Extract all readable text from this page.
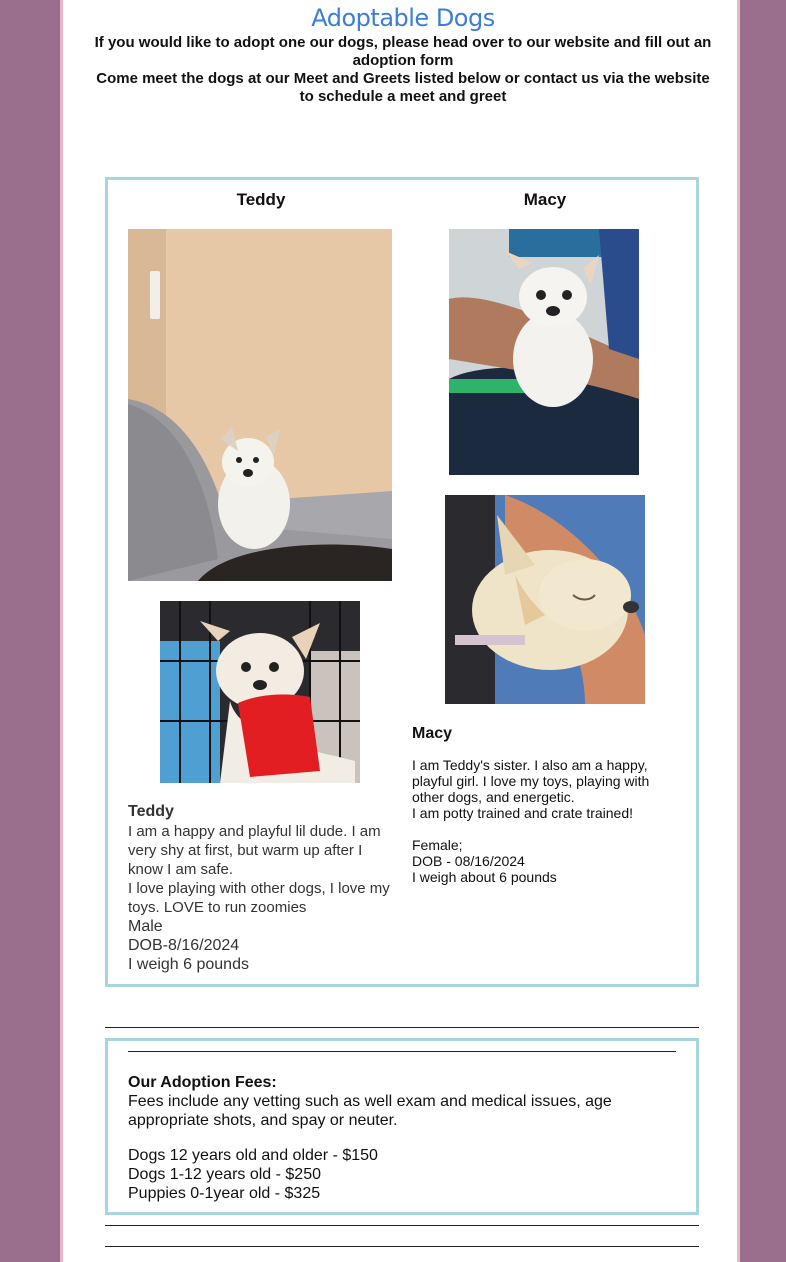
Adoptable Dogs
If you would like to adopt one our dogs, please head over to our website and fill out an adoption form
Come meet the dogs at our Meet and Greets listed below or contact us via the website to schedule a meet and greet
Teddy
Teddy
I am a happy and playful lil dude. I am very shy at first, but warm up after I know I am safe.
I love playing with other dogs, I love my toys. LOVE to run zoomies
Male
DOB-8/16/2024
I weigh 6 pounds
Macy
Macy
I am Teddy's sister. I also am a happy, playful girl. I love my toys, playing with other dogs, and energetic.
I am potty trained and crate trained!
Female;
DOB - 08/16/2024
I weigh about 6 pounds
Our Adoption Fees:
Fees include any vetting such as well exam and medical issues, age appropriate shots, and spay or neuter.
Dogs 12 years old and older - $150
Dogs 1-12 years old - $250
Puppies 0-1year old - $325
